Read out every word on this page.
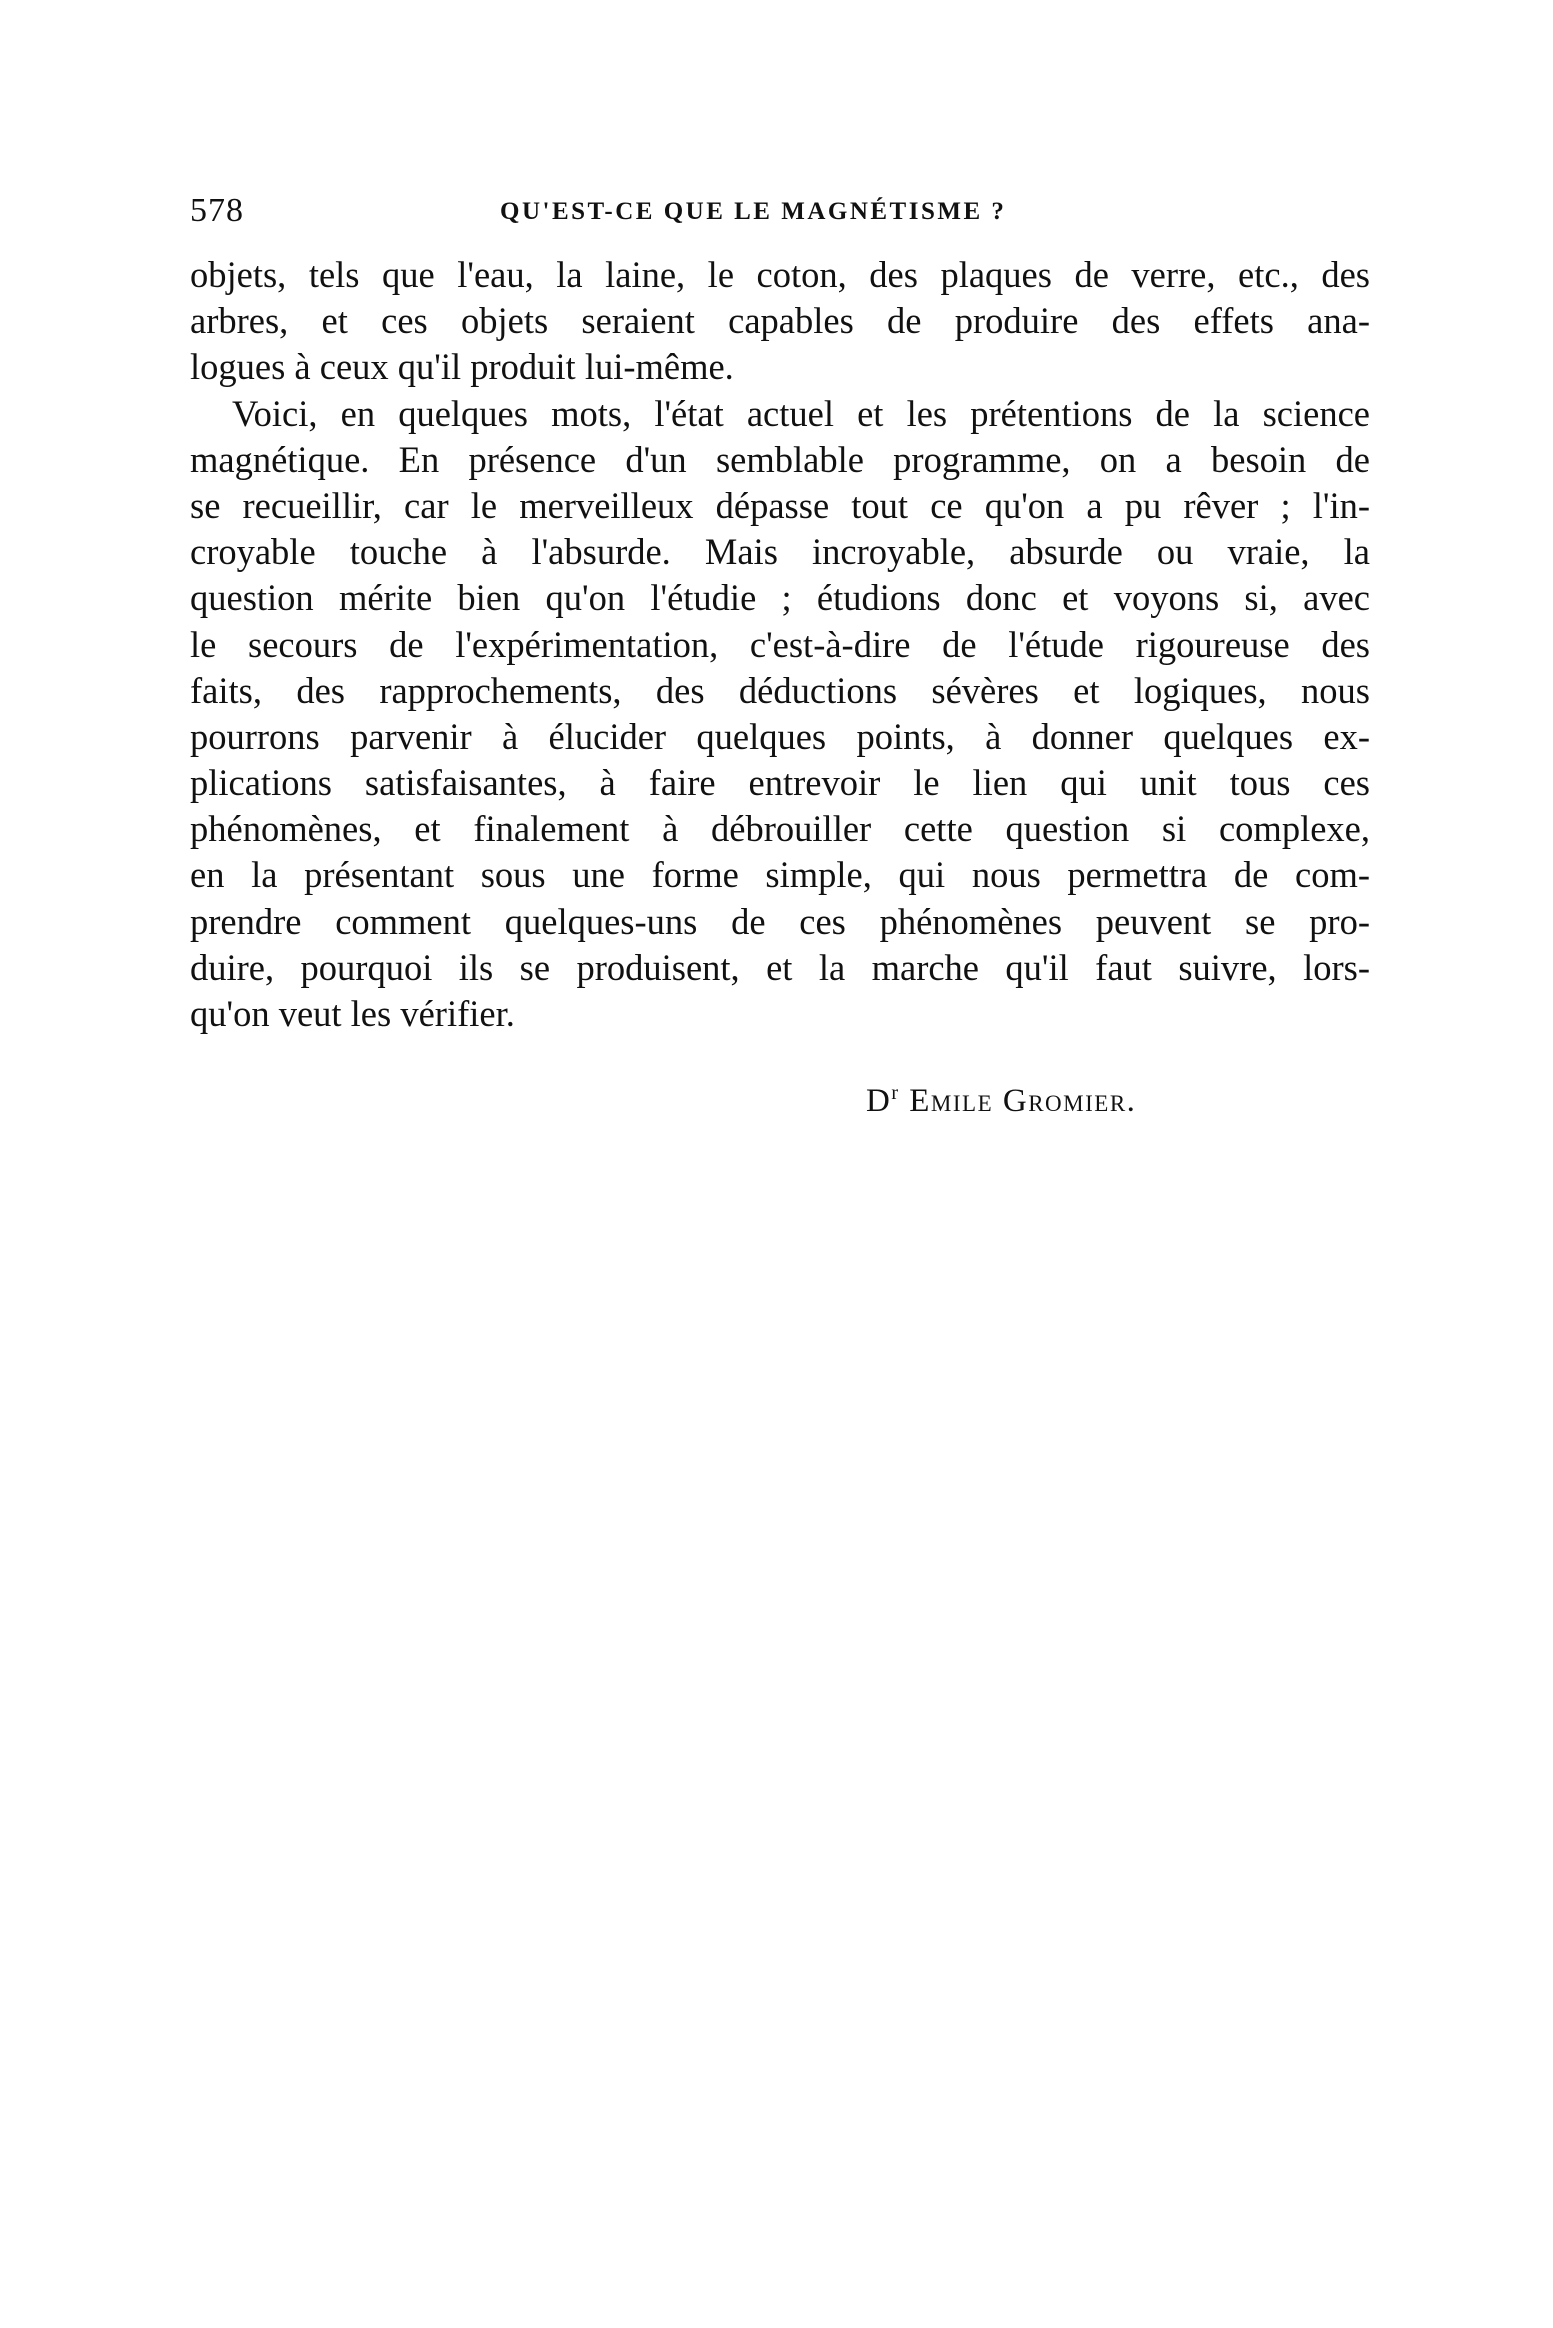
578	QU'EST-CE QUE LE MAGNÉTISME ?

objets, tels que l'eau, la laine, le coton, des plaques de verre, etc., des
arbres, et ces objets seraient capables de produire des effets ana-
logues à ceux qu'il produit lui-même.

Voici, en quelques mots, l'état actuel et les prétentions de la science
magnétique. En présence d'un semblable programme, on a besoin de
se recueillir, car le merveilleux dépasse tout ce qu'on a pu rêver ; l'in-
croyable touche à l'absurde. Mais incroyable, absurde ou vraie, la
question mérite bien qu'on l'étudie ; étudions donc et voyons si, avec
le secours de l'expérimentation, c'est-à-dire de l'étude rigoureuse des
faits, des rapprochements, des déductions sévères et logiques, nous
pourrons parvenir à élucider quelques points, à donner quelques ex-
plications satisfaisantes, à faire entrevoir le lien qui unit tous ces
phénomènes, et finalement à débrouiller cette question si complexe,
en la présentant sous une forme simple, qui nous permettra de com-
prendre comment quelques-uns de ces phénomènes peuvent se pro-
duire, pourquoi ils se produisent, et la marche qu'il faut suivre, lors-
qu'on veut les vérifier.

$D^r$ Emile Gromier.
